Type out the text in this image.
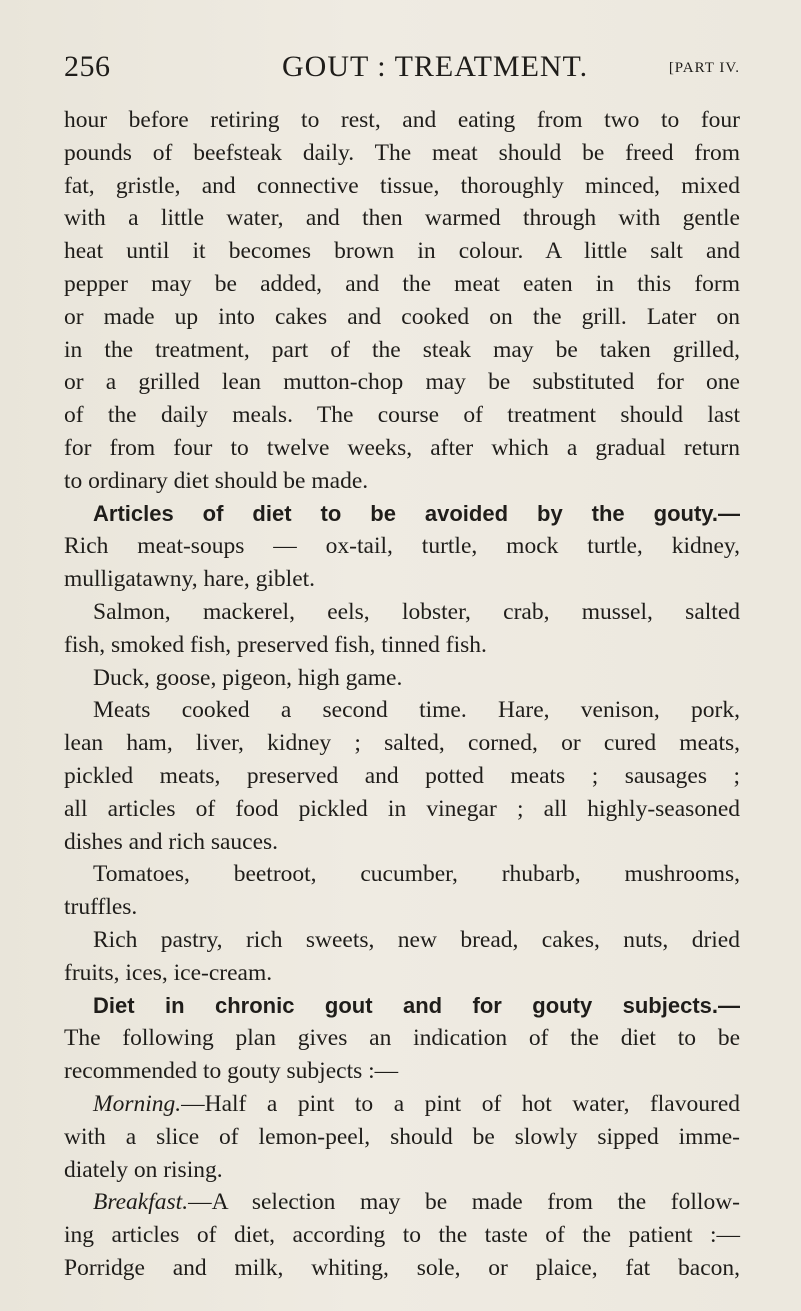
256	GOUT : TREATMENT.	[PART IV.
hour before retiring to rest, and eating from two to four
pounds of beefsteak daily. The meat should be freed from
fat, gristle, and connective tissue, thoroughly minced, mixed
with a little water, and then warmed through with gentle
heat until it becomes brown in colour. A little salt and
pepper may be added, and the meat eaten in this form
or made up into cakes and cooked on the grill. Later on
in the treatment, part of the steak may be taken grilled,
or a grilled lean mutton-chop may be substituted for one
of the daily meals. The course of treatment should last
for from four to twelve weeks, after which a gradual return
to ordinary diet should be made.
Articles of diet to be avoided by the gouty.—
Rich meat-soups — ox-tail, turtle, mock turtle, kidney,
mulligatawny, hare, giblet.
Salmon, mackerel, eels, lobster, crab, mussel, salted
fish, smoked fish, preserved fish, tinned fish.
Duck, goose, pigeon, high game.
Meats cooked a second time. Hare, venison, pork,
lean ham, liver, kidney ; salted, corned, or cured meats,
pickled meats, preserved and potted meats ; sausages ;
all articles of food pickled in vinegar ; all highly-seasoned
dishes and rich sauces.
Tomatoes, beetroot, cucumber, rhubarb, mushrooms,
truffles.
Rich pastry, rich sweets, new bread, cakes, nuts, dried
fruits, ices, ice-cream.
Diet in chronic gout and for gouty subjects.—
The following plan gives an indication of the diet to be
recommended to gouty subjects :—
Morning.—Half a pint to a pint of hot water, flavoured
with a slice of lemon-peel, should be slowly sipped imme-
diately on rising.
Breakfast.—A selection may be made from the follow-
ing articles of diet, according to the taste of the patient :—
Porridge and milk, whiting, sole, or plaice, fat bacon,
